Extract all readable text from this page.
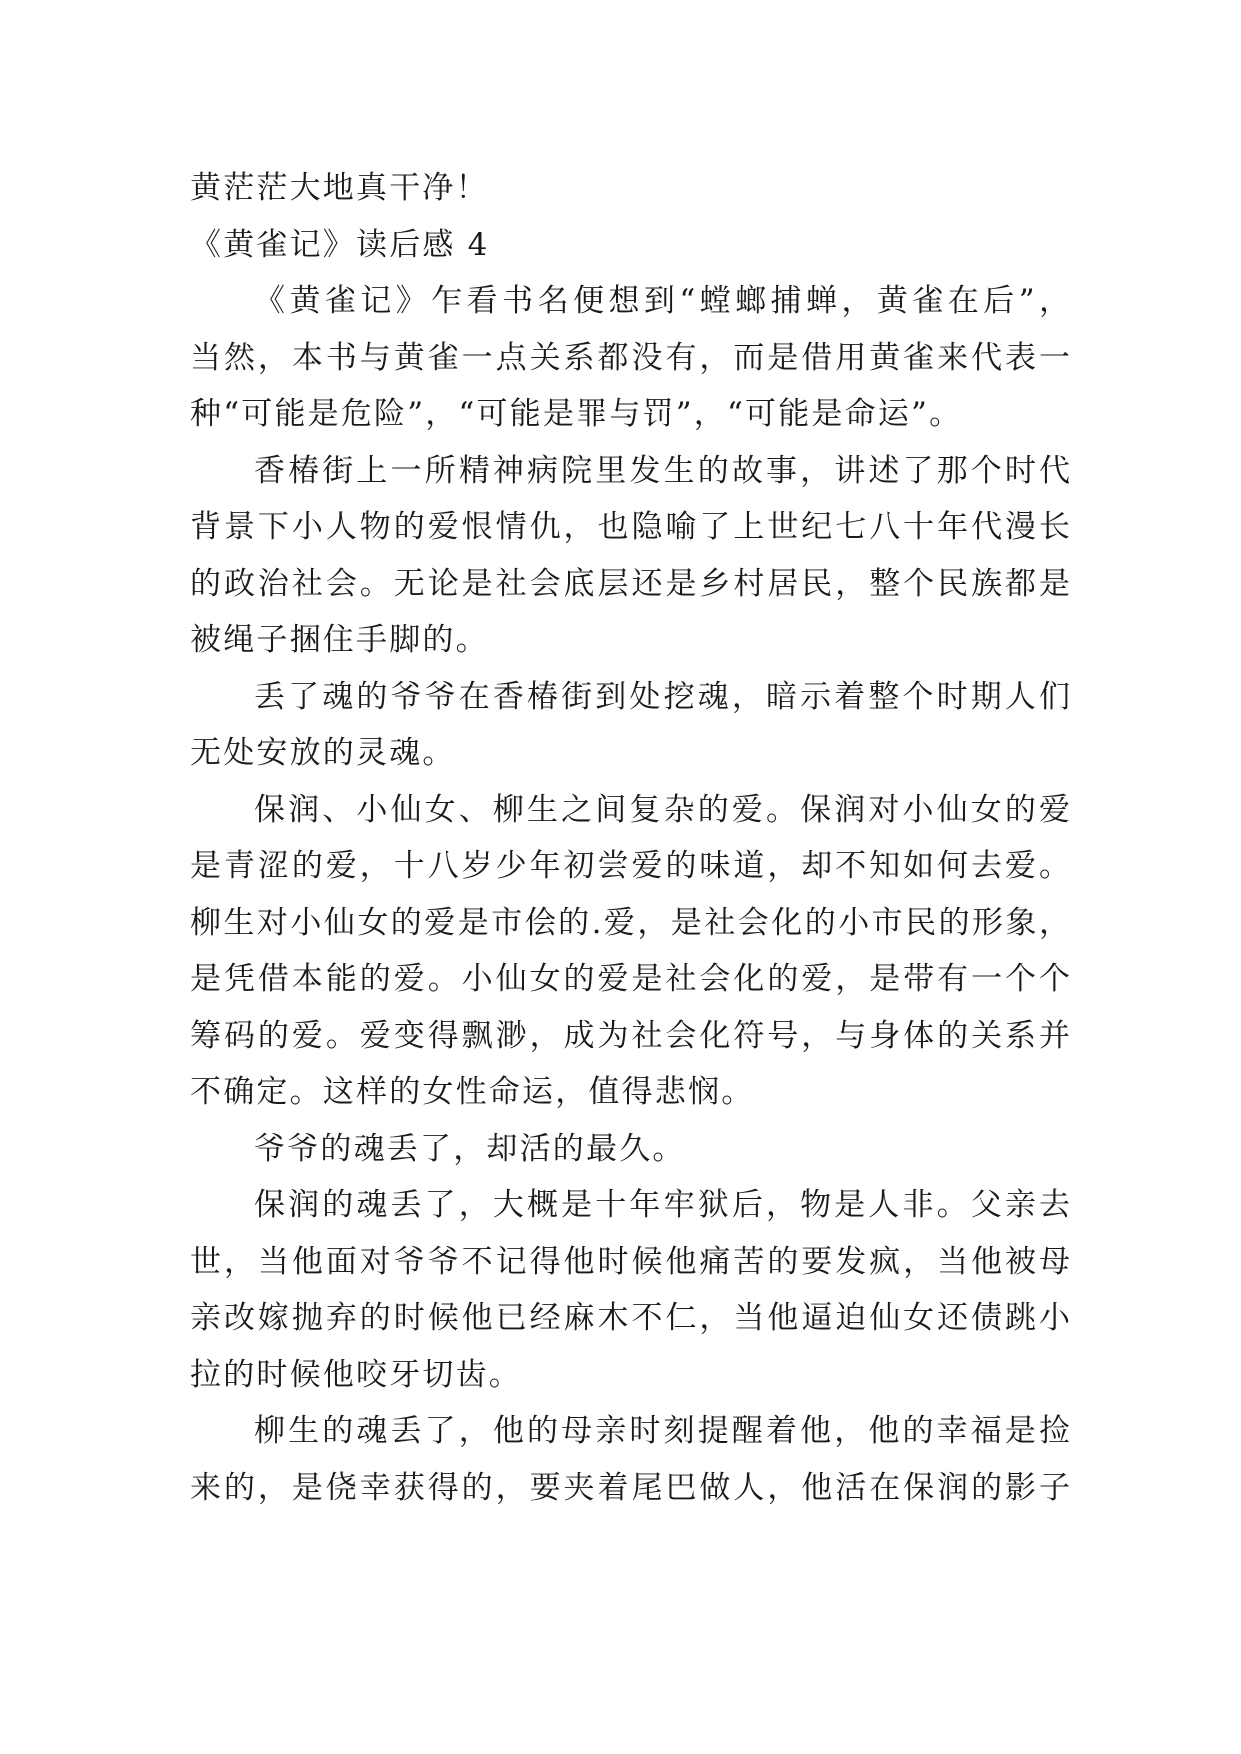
黄茫茫大地真干净！

《黄雀记》读后感 4

《黄雀记》乍看书名便想到“螳螂捕蝉，黄雀在后”，

当然，本书与黄雀一点关系都没有，而是借用黄雀来代表一

种“可能是危险”，“可能是罪与罚”，“可能是命运”。

香椿街上一所精神病院里发生的故事，讲述了那个时代

背景下小人物的爱恨情仇，也隐喻了上世纪七八十年代漫长

的政治社会。无论是社会底层还是乡村居民，整个民族都是

被绳子捆住手脚的。

丢了魂的爷爷在香椿街到处挖魂，暗示着整个时期人们

无处安放的灵魂。

保润、小仙女、柳生之间复杂的爱。保润对小仙女的爱

是青涩的爱，十八岁少年初尝爱的味道，却不知如何去爱。

柳生对小仙女的爱是市侩的.爱，是社会化的小市民的形象，

是凭借本能的爱。小仙女的爱是社会化的爱，是带有一个个

筹码的爱。爱变得飘渺，成为社会化符号，与身体的关系并

不确定。这样的女性命运，值得悲悯。

爷爷的魂丢了，却活的最久。

保润的魂丢了，大概是十年牢狱后，物是人非。父亲去

世，当他面对爷爷不记得他时候他痛苦的要发疯，当他被母

亲改嫁抛弃的时候他已经麻木不仁，当他逼迫仙女还债跳小

拉的时候他咬牙切齿。

柳生的魂丢了，他的母亲时刻提醒着他，他的幸福是捡

来的，是侥幸获得的，要夹着尾巴做人，他活在保润的影子
